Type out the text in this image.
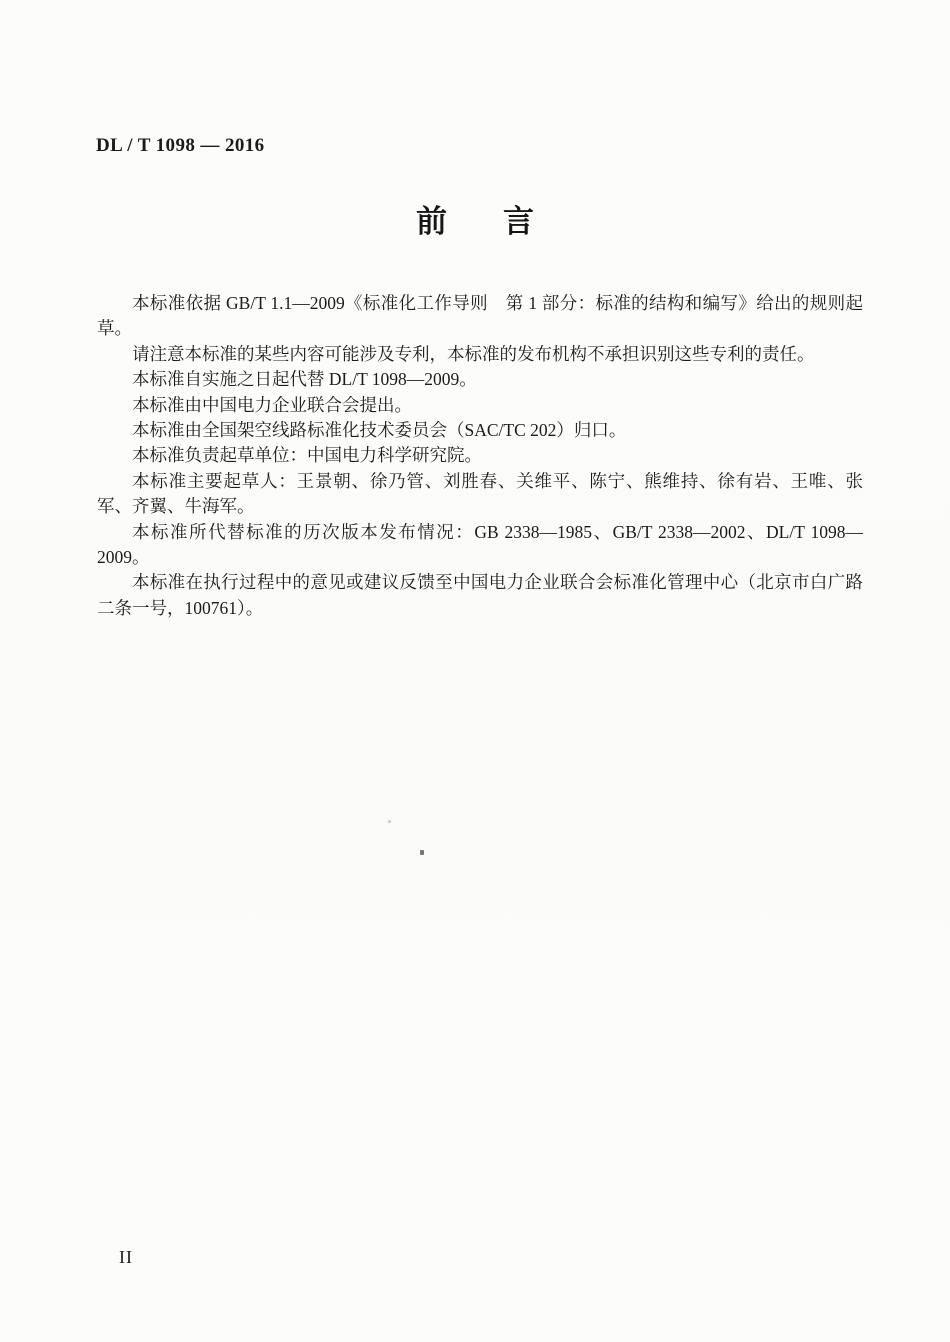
DL / T 1098 — 2016
前 言

本标准依据 GB/T 1.1—2009《标准化工作导则　第 1 部分：标准的结构和编写》给出的规则起草。

请注意本标准的某些内容可能涉及专利，本标准的发布机构不承担识别这些专利的责任。

本标准自实施之日起代替 DL/T 1098—2009。

本标准由中国电力企业联合会提出。

本标准由全国架空线路标准化技术委员会（SAC/TC 202）归口。

本标准负责起草单位：中国电力科学研究院。

本标准主要起草人：王景朝、徐乃管、刘胜春、关维平、陈宁、熊维持、徐有岩、王唯、张军、齐翼、牛海军。

本标准所代替标准的历次版本发布情况：GB 2338—1985、GB/T 2338—2002、DL/T 1098—2009。

本标准在执行过程中的意见或建议反馈至中国电力企业联合会标准化管理中心（北京市白广路二条一号，100761）。

II
